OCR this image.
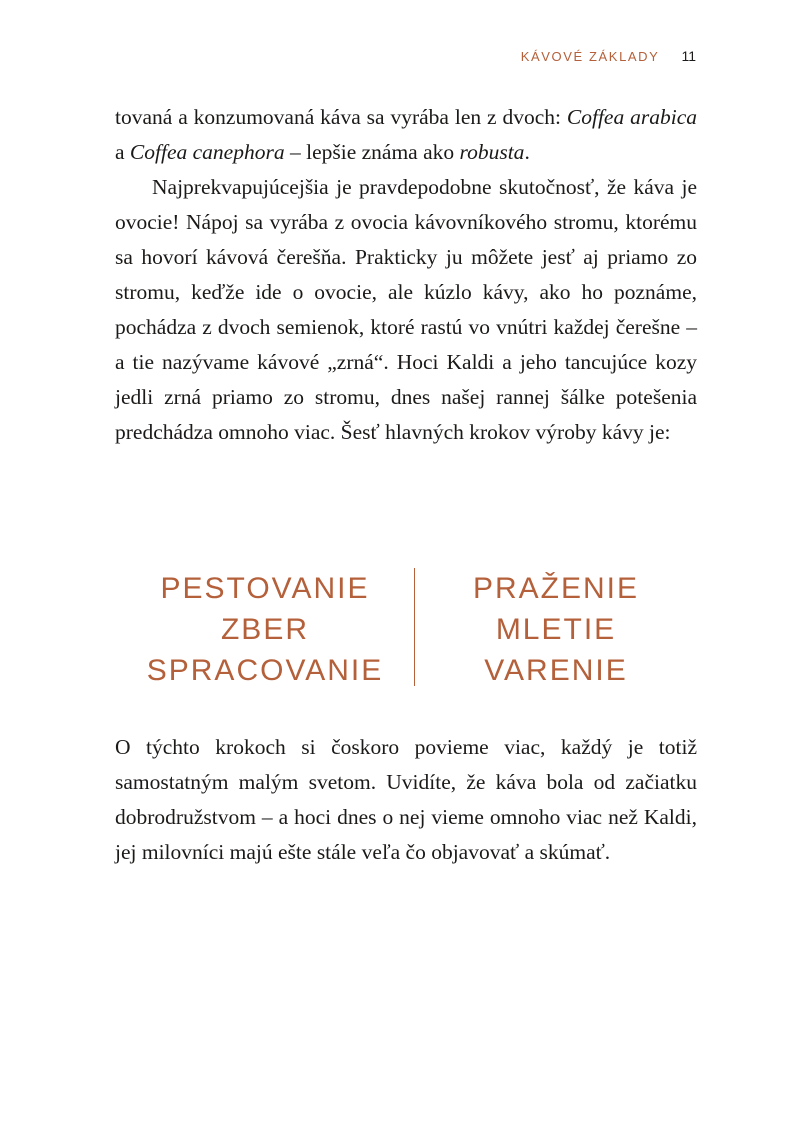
KÁVOVÉ ZÁKLADY 11

tovaná a konzumovaná káva sa vyrába len z dvoch: Coffea arabica a Coffea canephora – lepšie známa ako robusta.

Najprekvapujúcejšia je pravdepodobne skutočnosť, že káva je ovocie! Nápoj sa vyrába z ovocia kávovníkového stromu, ktorému sa hovorí kávová čerešňa. Prakticky ju môžete jesť aj priamo zo stromu, keďže ide o ovocie, ale kúzlo kávy, ako ho poznáme, pochádza z dvoch semienok, ktoré rastú vo vnútri každej čerešne – a tie nazývame kávové „zrná“. Hoci Kaldi a jeho tancujúce kozy jedli zrná priamo zo stromu, dnes našej rannej šálke potešenia predchádza omnoho viac. Šesť hlavných krokov výroby kávy je:

PESTOVANIE
ZBER
SPRACOVANIE
PRAŽENIE
MLETIE
VARENIE

O týchto krokoch si čoskoro povieme viac, každý je totiž samostatným malým svetom. Uvidíte, že káva bola od začiatku dobrodružstvom – a hoci dnes o nej vieme omnoho viac než Kaldi, jej milovníci majú ešte stále veľa čo objavovať a skúmať.
